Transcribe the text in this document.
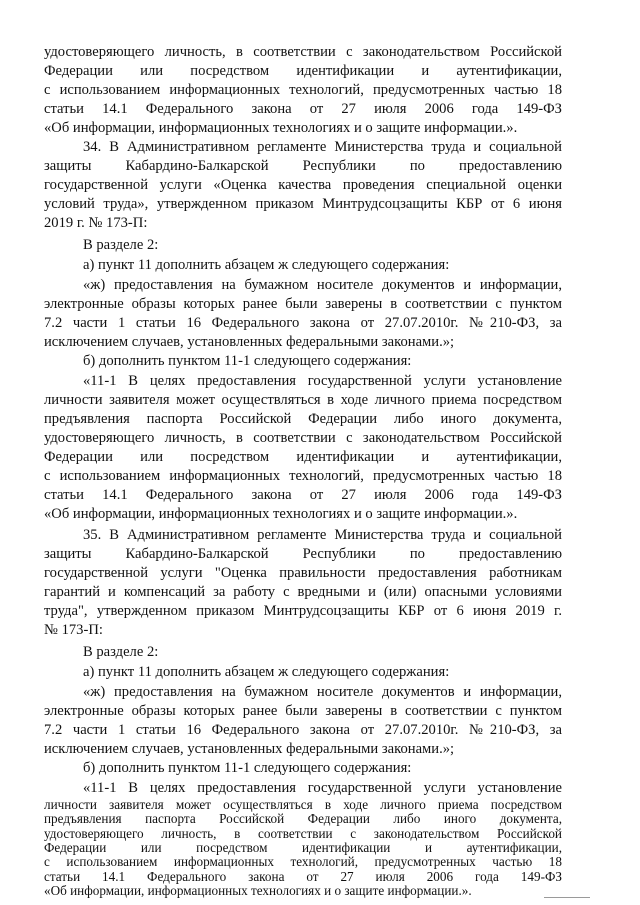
удостоверяющего личность, в соответствии с законодательством Российской
Федерации или посредством идентификации и аутентификации,
с использованием информационных технологий, предусмотренных частью 18
статьи 14.1 Федерального закона от 27 июля 2006 года 149-ФЗ
«Об информации, информационных технологиях и о защите информации.».
34. В Административном регламенте Министерства труда и социальной
защиты Кабардино-Балкарской Республики по предоставлению
государственной услуги «Оценка качества проведения специальной оценки
условий труда», утвержденном приказом Минтрудсоцзащиты КБР от 6 июня
2019 г. № 173-П:
В разделе 2:
а) пункт 11 дополнить абзацем ж следующего содержания:
«ж) предоставления на бумажном носителе документов и информации,
электронные образы которых ранее были заверены в соответствии с пунктом
7.2 части 1 статьи 16 Федерального закона от 27.07.2010г. №210-ФЗ, за
исключением случаев, установленных федеральными законами.»;
б) дополнить пунктом 11-1 следующего содержания:
«11-1 В целях предоставления государственной услуги установление
личности заявителя может осуществляться в ходе личного приема посредством
предъявления паспорта Российской Федерации либо иного документа,
удостоверяющего личность, в соответствии с законодательством Российской
Федерации или посредством идентификации и аутентификации,
с использованием информационных технологий, предусмотренных частью 18
статьи 14.1 Федерального закона от 27 июля 2006 года 149-ФЗ
«Об информации, информационных технологиях и о защите информации.».
35. В Административном регламенте Министерства труда и социальной
защиты Кабардино-Балкарской Республики по предоставлению
государственной услуги "Оценка правильности предоставления работникам
гарантий и компенсаций за работу с вредными и (или) опасными условиями
труда", утвержденном приказом Минтрудсоцзащиты КБР от 6 июня 2019 г.
№ 173-П:
В разделе 2:
а) пункт 11 дополнить абзацем ж следующего содержания:
«ж) предоставления на бумажном носителе документов и информации,
электронные образы которых ранее были заверены в соответствии с пунктом
7.2 части 1 статьи 16 Федерального закона от 27.07.2010г. №210-ФЗ, за
исключением случаев, установленных федеральными законами.»;
б) дополнить пунктом 11-1 следующего содержания:
«11-1 В целях предоставления государственной услуги установление
личности заявителя может осуществляться в ходе личного приема посредством
предъявления паспорта Российской Федерации либо иного документа,
удостоверяющего личность, в соответствии с законодательством Российской
Федерации или посредством идентификации и аутентификации,
с использованием информационных технологий, предусмотренных частью 18
статьи 14.1 Федерального закона от 27 июля 2006 года 149-ФЗ
«Об информации, информационных технологиях и о защите информации.».
